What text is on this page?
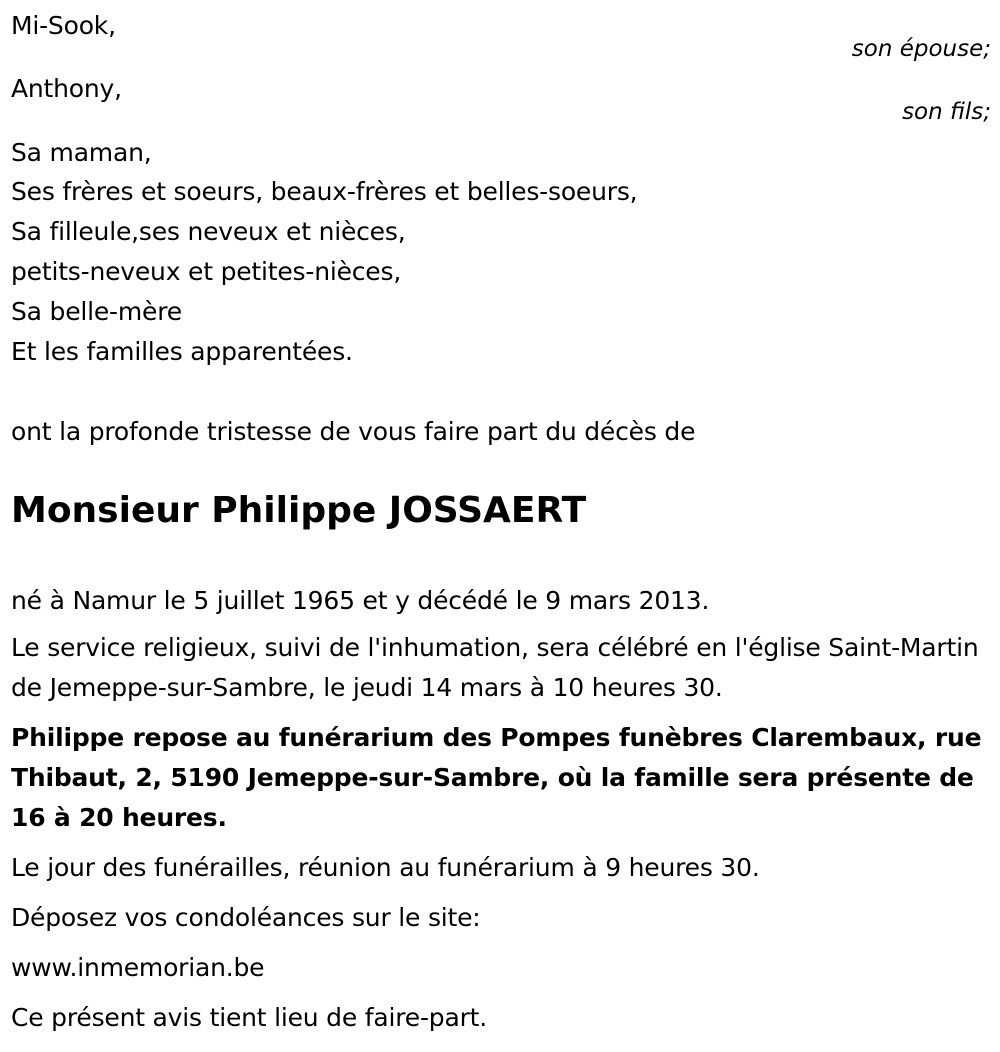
Mi-Sook,
son épouse;
Anthony,
son fils;
Sa maman,
Ses frères et soeurs, beaux-frères et belles-soeurs,
Sa filleule,ses neveux et nièces,
petits-neveux et petites-nièces,
Sa belle-mère
Et les familles apparentées.
ont la profonde tristesse de vous faire part du décès de
Monsieur Philippe JOSSAERT
né à Namur le 5 juillet 1965 et y décédé le 9 mars 2013.
Le service religieux, suivi de l'inhumation, sera célébré en l'église Saint-Martin de Jemeppe-sur-Sambre, le jeudi 14 mars à 10 heures 30.
Philippe repose au funérarium des Pompes funèbres Clarembaux, rue Thibaut, 2, 5190 Jemeppe-sur-Sambre, où la famille sera présente de 16 à 20 heures.
Le jour des funérailles, réunion au funérarium à 9 heures 30.
Déposez vos condoléances sur le site:
www.inmemorian.be
Ce présent avis tient lieu de faire-part.
